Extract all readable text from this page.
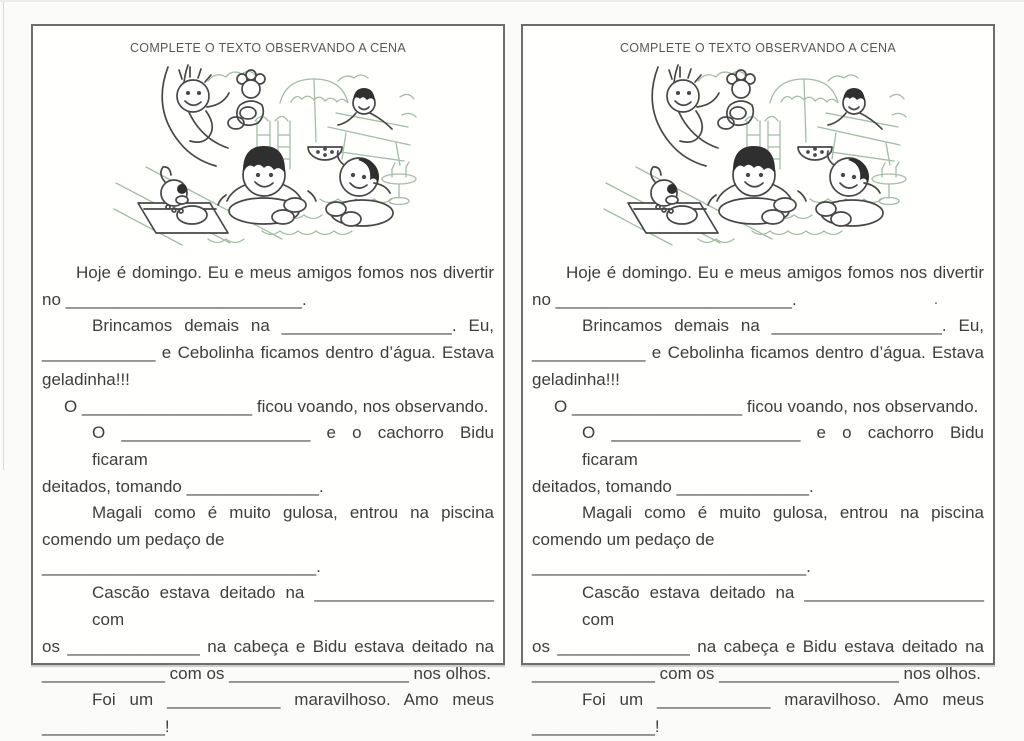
COMPLETE O TEXTO OBSERVANDO A CENA
Hoje é domingo. Eu e meus amigos fomos nos divertir
no _________________________.
Brincamos demais na __________________. Eu,
____________ e Cebolinha ficamos dentro d’água. Estava
geladinha!!!
O __________________ ficou voando, nos observando.
O ____________________ e o cachorro Bidu ficaram
deitados, tomando ______________.
Magali como é muito gulosa, entrou na piscina
comendo um pedaço de _____________________________.
Cascão estava deitado na ___________________ com
os ______________ na cabeça e Bidu estava deitado na
_____________ com os ___________________ nos olhos.
Foi um ____________ maravilhoso. Amo meus
_____________!
COMPLETE O TEXTO OBSERVANDO A CENA
Hoje é domingo. Eu e meus amigos fomos nos divertir
no _________________________.	.
Brincamos demais na __________________. Eu,
____________ e Cebolinha ficamos dentro d’água. Estava
geladinha!!!
O __________________ ficou voando, nos observando.
O ____________________ e o cachorro Bidu ficaram
deitados, tomando ______________.
Magali como é muito gulosa, entrou na piscina
comendo um pedaço de _____________________________.
Cascão estava deitado na ___________________ com
os ______________ na cabeça e Bidu estava deitado na
_____________ com os ___________________ nos olhos.
Foi um ____________ maravilhoso. Amo meus
_____________!
